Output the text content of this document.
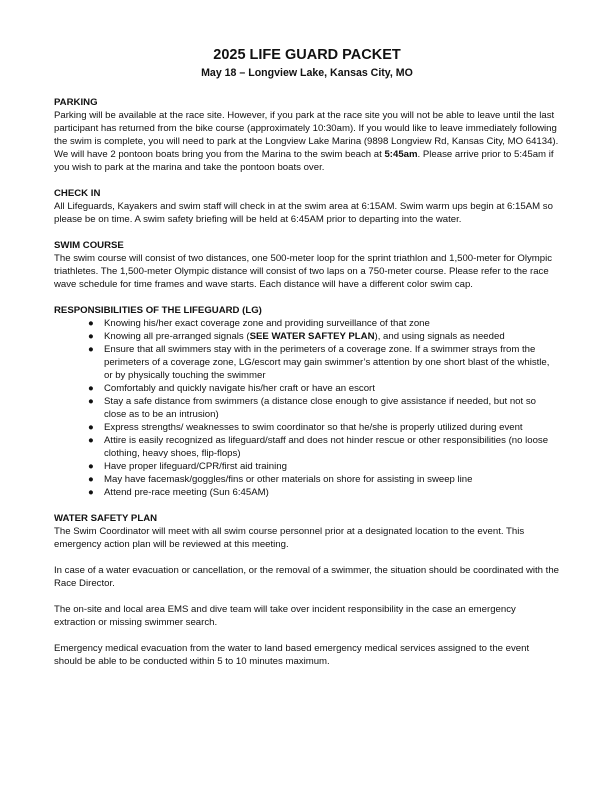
2025 LIFE GUARD PACKET
May 18 – Longview Lake, Kansas City, MO
PARKING

Parking will be available at the race site. However, if you park at the race site you will not be able to leave until the last participant has returned from the bike course (approximately 10:30am). If you would like to leave immediately following the swim is complete, you will need to park at the Longview Lake Marina (9898 Longview Rd, Kansas City, MO 64134). We will have 2 pontoon boats bring you from the Marina to the swim beach at 5:45am. Please arrive prior to 5:45am if you wish to park at the marina and take the pontoon boats over.

CHECK IN

All Lifeguards, Kayakers and swim staff will check in at the swim area at 6:15AM. Swim warm ups begin at 6:15AM so please be on time. A swim safety briefing will be held at 6:45AM prior to departing into the water.

SWIM COURSE

The swim course will consist of two distances, one 500-meter loop for the sprint triathlon and 1,500-meter for Olympic triathletes. The 1,500-meter Olympic distance will consist of two laps on a 750-meter course. Please refer to the race wave schedule for time frames and wave starts. Each distance will have a different color swim cap.

RESPONSIBILITIES OF THE LIFEGUARD (LG)
● Knowing his/her exact coverage zone and providing surveillance of that zone
● Knowing all pre-arranged signals (SEE WATER SAFTEY PLAN), and using signals as needed
● Ensure that all swimmers stay with in the perimeters of a coverage zone. If a swimmer strays from the perimeters of a coverage zone, LG/escort may gain swimmer’s attention by one short blast of the whistle, or by physically touching the swimmer
● Comfortably and quickly navigate his/her craft or have an escort
● Stay a safe distance from swimmers (a distance close enough to give assistance if needed, but not so close as to be an intrusion)
● Express strengths/ weaknesses to swim coordinator so that he/she is properly utilized during event
● Attire is easily recognized as lifeguard/staff and does not hinder rescue or other responsibilities (no loose clothing, heavy shoes, flip-flops)
● Have proper lifeguard/CPR/first aid training
● May have facemask/goggles/fins or other materials on shore for assisting in sweep line
● Attend pre-race meeting (Sun 6:45AM)
WATER SAFETY PLAN

The Swim Coordinator will meet with all swim course personnel prior at a designated location to the event. This emergency action plan will be reviewed at this meeting.

In case of a water evacuation or cancellation, or the removal of a swimmer, the situation should be coordinated with the Race Director.

The on-site and local area EMS and dive team will take over incident responsibility in the case an emergency extraction or missing swimmer search.

Emergency medical evacuation from the water to land based emergency medical services assigned to the event should be able to be conducted within 5 to 10 minutes maximum.
